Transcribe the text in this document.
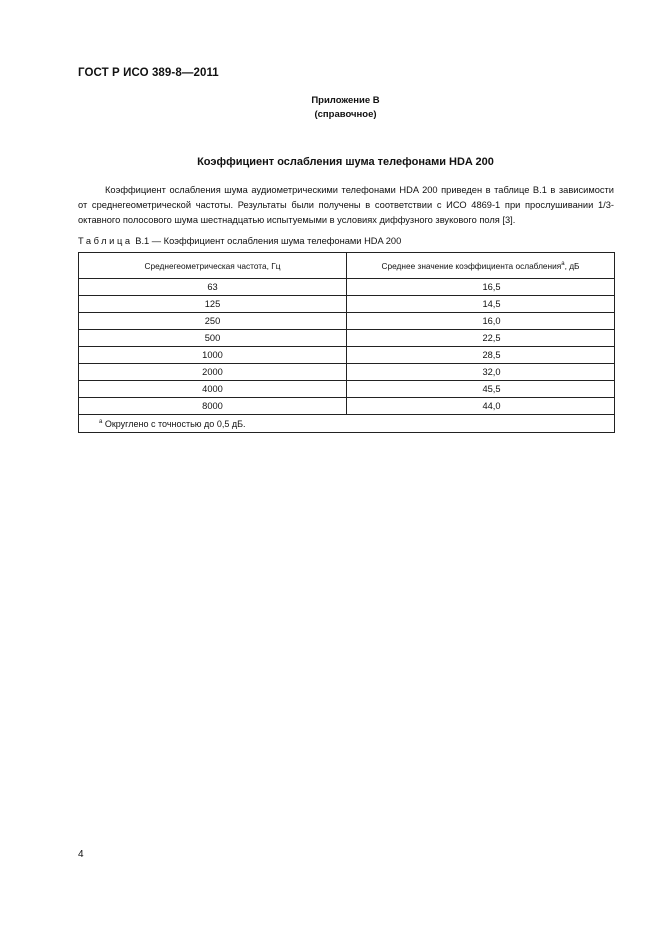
ГОСТ Р ИСО 389-8—2011
Приложение В
(справочное)
Коэффициент ослабления шума телефонами HDA 200
Коэффициент ослабления шума аудиометрическими телефонами HDA 200 приведен в таблице В.1 в зависимости от среднегеометрической частоты. Результаты были получены в соответствии с ИСО 4869-1 при прослушивании 1/3-октавного полосового шума шестнадцатью испытуемыми в условиях диффузного звукового поля [3].
Таблица В.1 — Коэффициент ослабления шума телефонами HDA 200
Среднегеометрическая частота, Гц	Среднее значение коэффициента ослабления$^а$, дБ
63	16,5
125	14,5
250	16,0
500	22,5
1000	28,5
2000	32,0
4000	45,5
8000	44,0
$^а$ Округлено с точностью до 0,5 дБ.	
4
